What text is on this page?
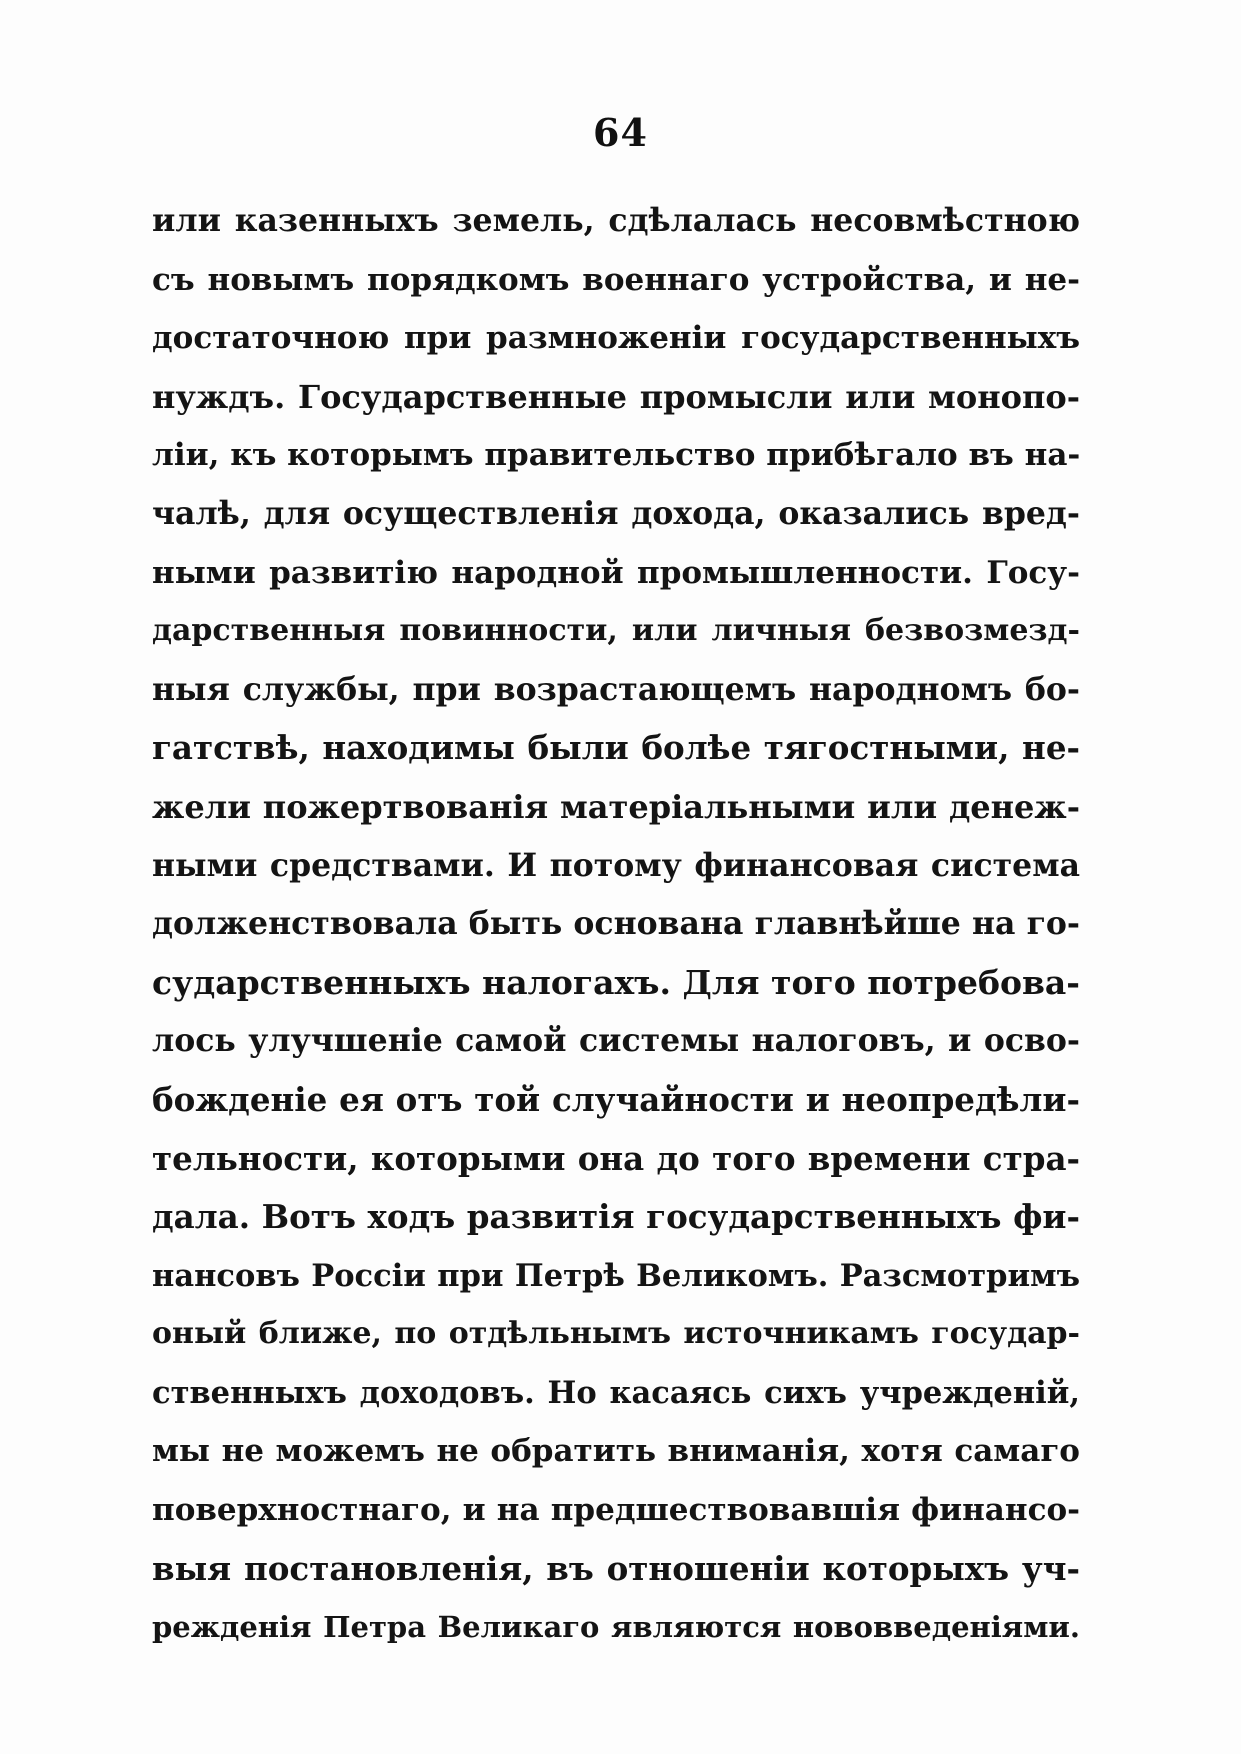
64
или казенныхъ земель, сдѣлалась несовмѣстною
съ новымъ порядкомъ военнаго устройства, и не-
достаточною при размноженіи государственныхъ
нуждъ. Государственные промысли или монопо-
ліи, къ которымъ правительство прибѣгало въ на-
чалѣ, для осуществленія дохода, оказались вред-
ными развитію народной промышленности. Госу-
дарственныя повинности, или личныя безвозмезд-
ныя службы, при возрастающемъ народномъ бо-
гатствѣ, находимы были болѣе тягостными, не-
жели пожертвованія матеріальными или денеж-
ными средствами. И потому финансовая система
долженствовала быть основана главнѣйше на го-
сударственныхъ налогахъ. Для того потребова-
лось улучшеніе самой системы налоговъ, и осво-
божденіе ея отъ той случайности и неопредѣли-
тельности, которыми она до того времени стра-
дала. Вотъ ходъ развитія государственныхъ фи-
нансовъ Россіи при Петрѣ Великомъ. Разсмотримъ
оный ближе, по отдѣльнымъ источникамъ государ-
ственныхъ доходовъ. Но касаясь сихъ учрежденій,
мы не можемъ не обратить вниманія, хотя самаго
поверхностнаго, и на предшествовавшія финансо-
выя постановленія, въ отношеніи которыхъ уч-
режденія Петра Великаго являются нововведеніями.
